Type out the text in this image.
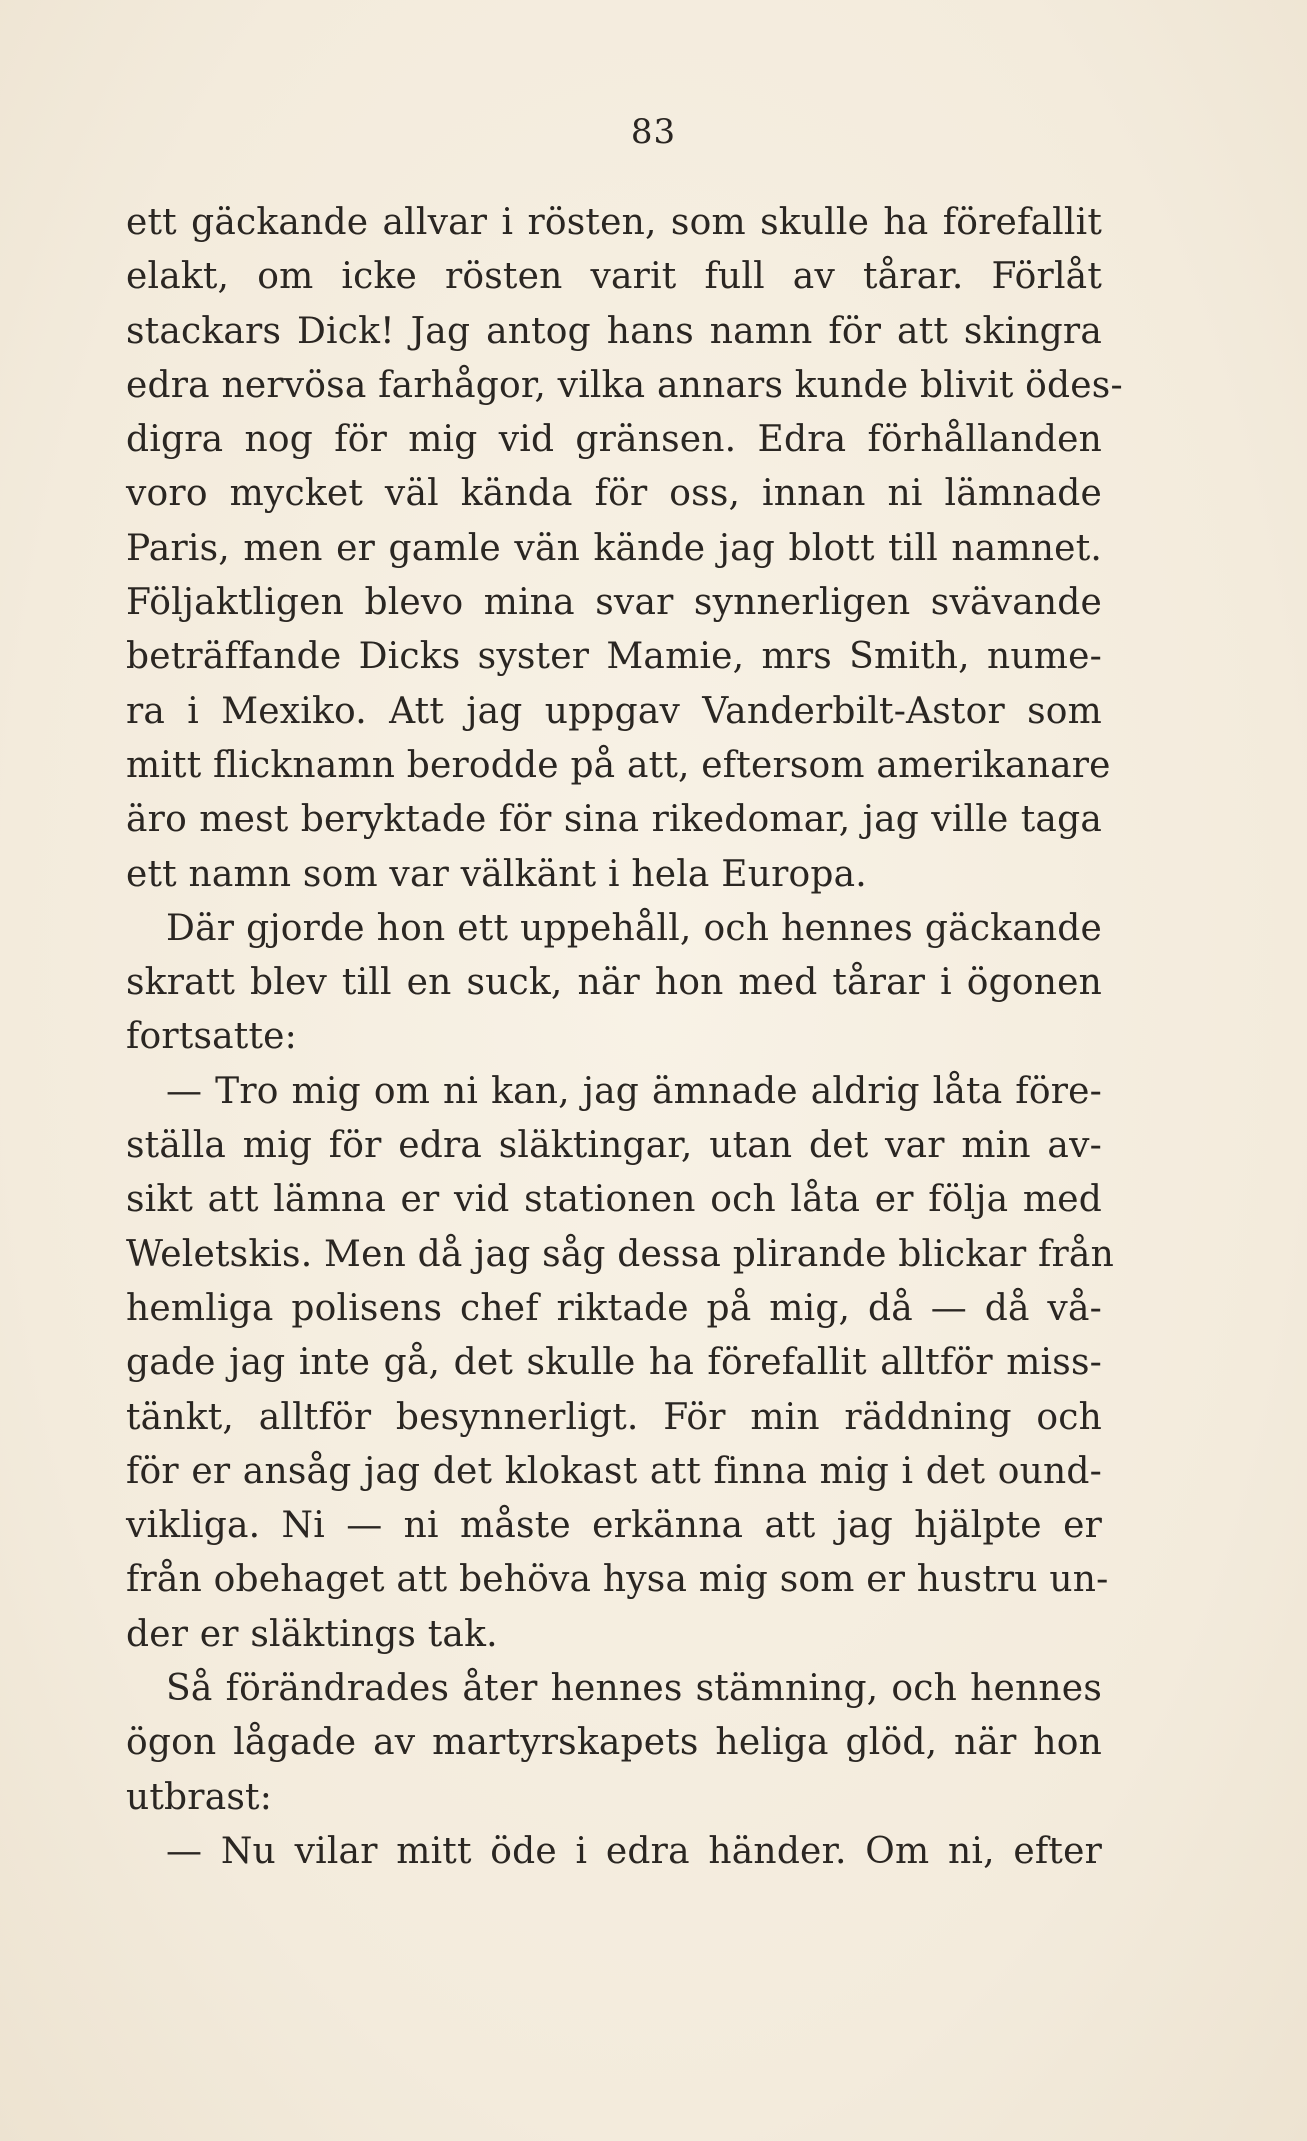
83
ett gäckande allvar i rösten, som skulle ha förefallit
elakt, om icke rösten varit full av tårar. Förlåt
stackars Dick! Jag antog hans namn för att skingra
edra nervösa farhågor, vilka annars kunde blivit ödes-
digra nog för mig vid gränsen. Edra förhållanden
voro mycket väl kända för oss, innan ni lämnade
Paris, men er gamle vän kände jag blott till namnet.
Följaktligen blevo mina svar synnerligen svävande
beträffande Dicks syster Mamie, mrs Smith, nume-
ra i Mexiko. Att jag uppgav Vanderbilt-Astor som
mitt flicknamn berodde på att, eftersom amerikanare
äro mest beryktade för sina rikedomar, jag ville taga
ett namn som var välkänt i hela Europa.
Där gjorde hon ett uppehåll, och hennes gäckande
skratt blev till en suck, när hon med tårar i ögonen
fortsatte:
— Tro mig om ni kan, jag ämnade aldrig låta före-
ställa mig för edra släktingar, utan det var min av-
sikt att lämna er vid stationen och låta er följa med
Weletskis. Men då jag såg dessa plirande blickar från
hemliga polisens chef riktade på mig, då — då vå-
gade jag inte gå, det skulle ha förefallit alltför miss-
tänkt, alltför besynnerligt. För min räddning och
för er ansåg jag det klokast att finna mig i det ound-
vikliga. Ni — ni måste erkänna att jag hjälpte er
från obehaget att behöva hysa mig som er hustru un-
der er släktings tak.
Så förändrades åter hennes stämning, och hennes
ögon lågade av martyrskapets heliga glöd, när hon
utbrast:
— Nu vilar mitt öde i edra händer. Om ni, efter
